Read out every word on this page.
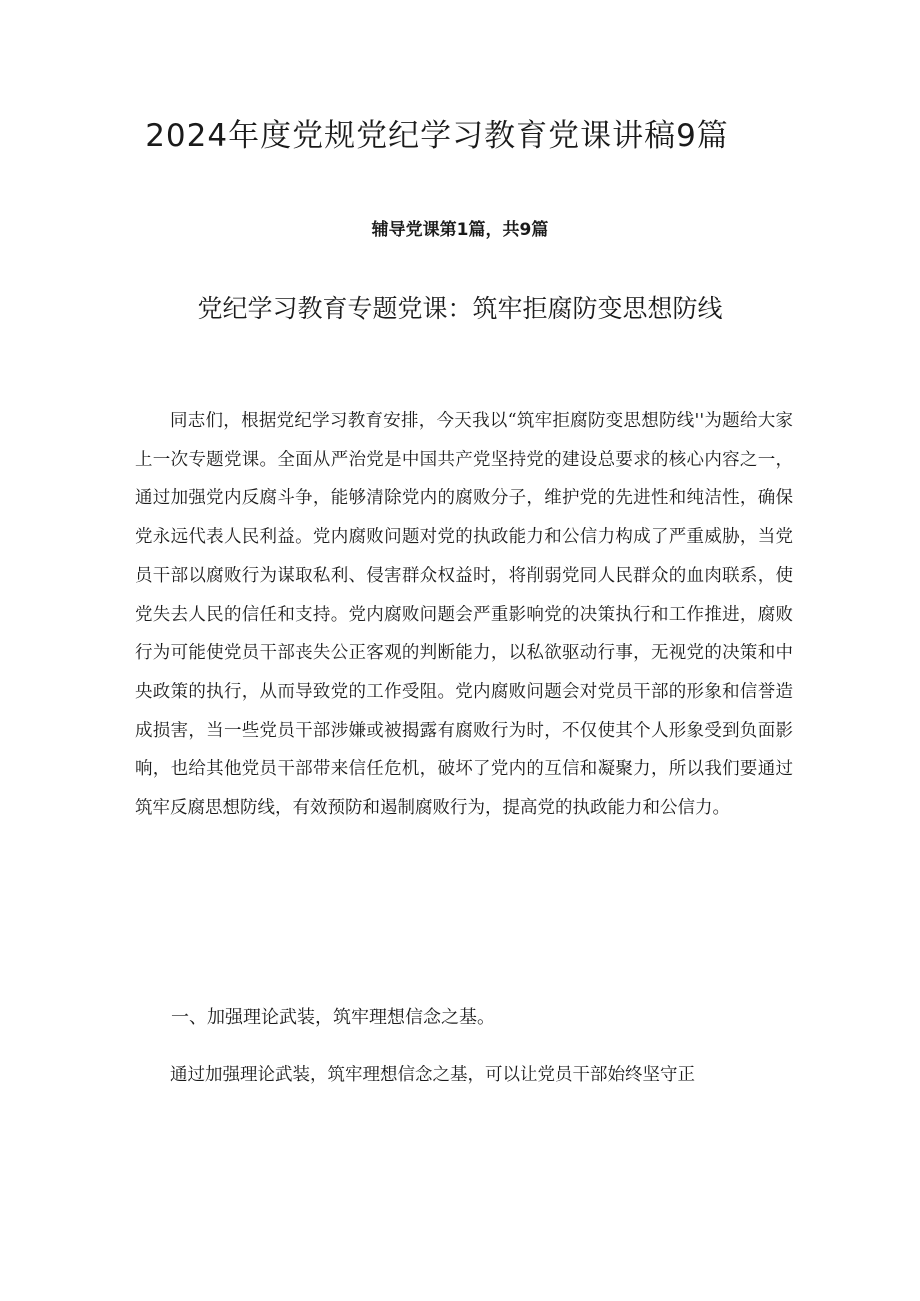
2024年度党规党纪学习教育党课讲稿9篇
辅导党课第1篇，共9篇
党纪学习教育专题党课：筑牢拒腐防变思想防线

同志们，根据党纪学习教育安排，今天我以“筑牢拒腐防变思想防线''为题给大家上一次专题党课。全面从严治党是中国共产党坚持党的建设总要求的核心内容之一，通过加强党内反腐斗争，能够清除党内的腐败分子，维护党的先进性和纯洁性，确保党永远代表人民利益。党内腐败问题对党的执政能力和公信力构成了严重威胁，当党员干部以腐败行为谋取私利、侵害群众权益时，将削弱党同人民群众的血肉联系，使党失去人民的信任和支持。党内腐败问题会严重影响党的决策执行和工作推进，腐败行为可能使党员干部丧失公正客观的判断能力，以私欲驱动行事，无视党的决策和中央政策的执行，从而导致党的工作受阻。党内腐败问题会对党员干部的形象和信誉造成损害，当一些党员干部涉嫌或被揭露有腐败行为时，不仅使其个人形象受到负面影响，也给其他党员干部带来信任危机，破坏了党内的互信和凝聚力，所以我们要通过筑牢反腐思想防线，有效预防和遏制腐败行为，提高党的执政能力和公信力。

一、加强理论武装，筑牢理想信念之基。

通过加强理论武装，筑牢理想信念之基，可以让党员干部始终坚守正
